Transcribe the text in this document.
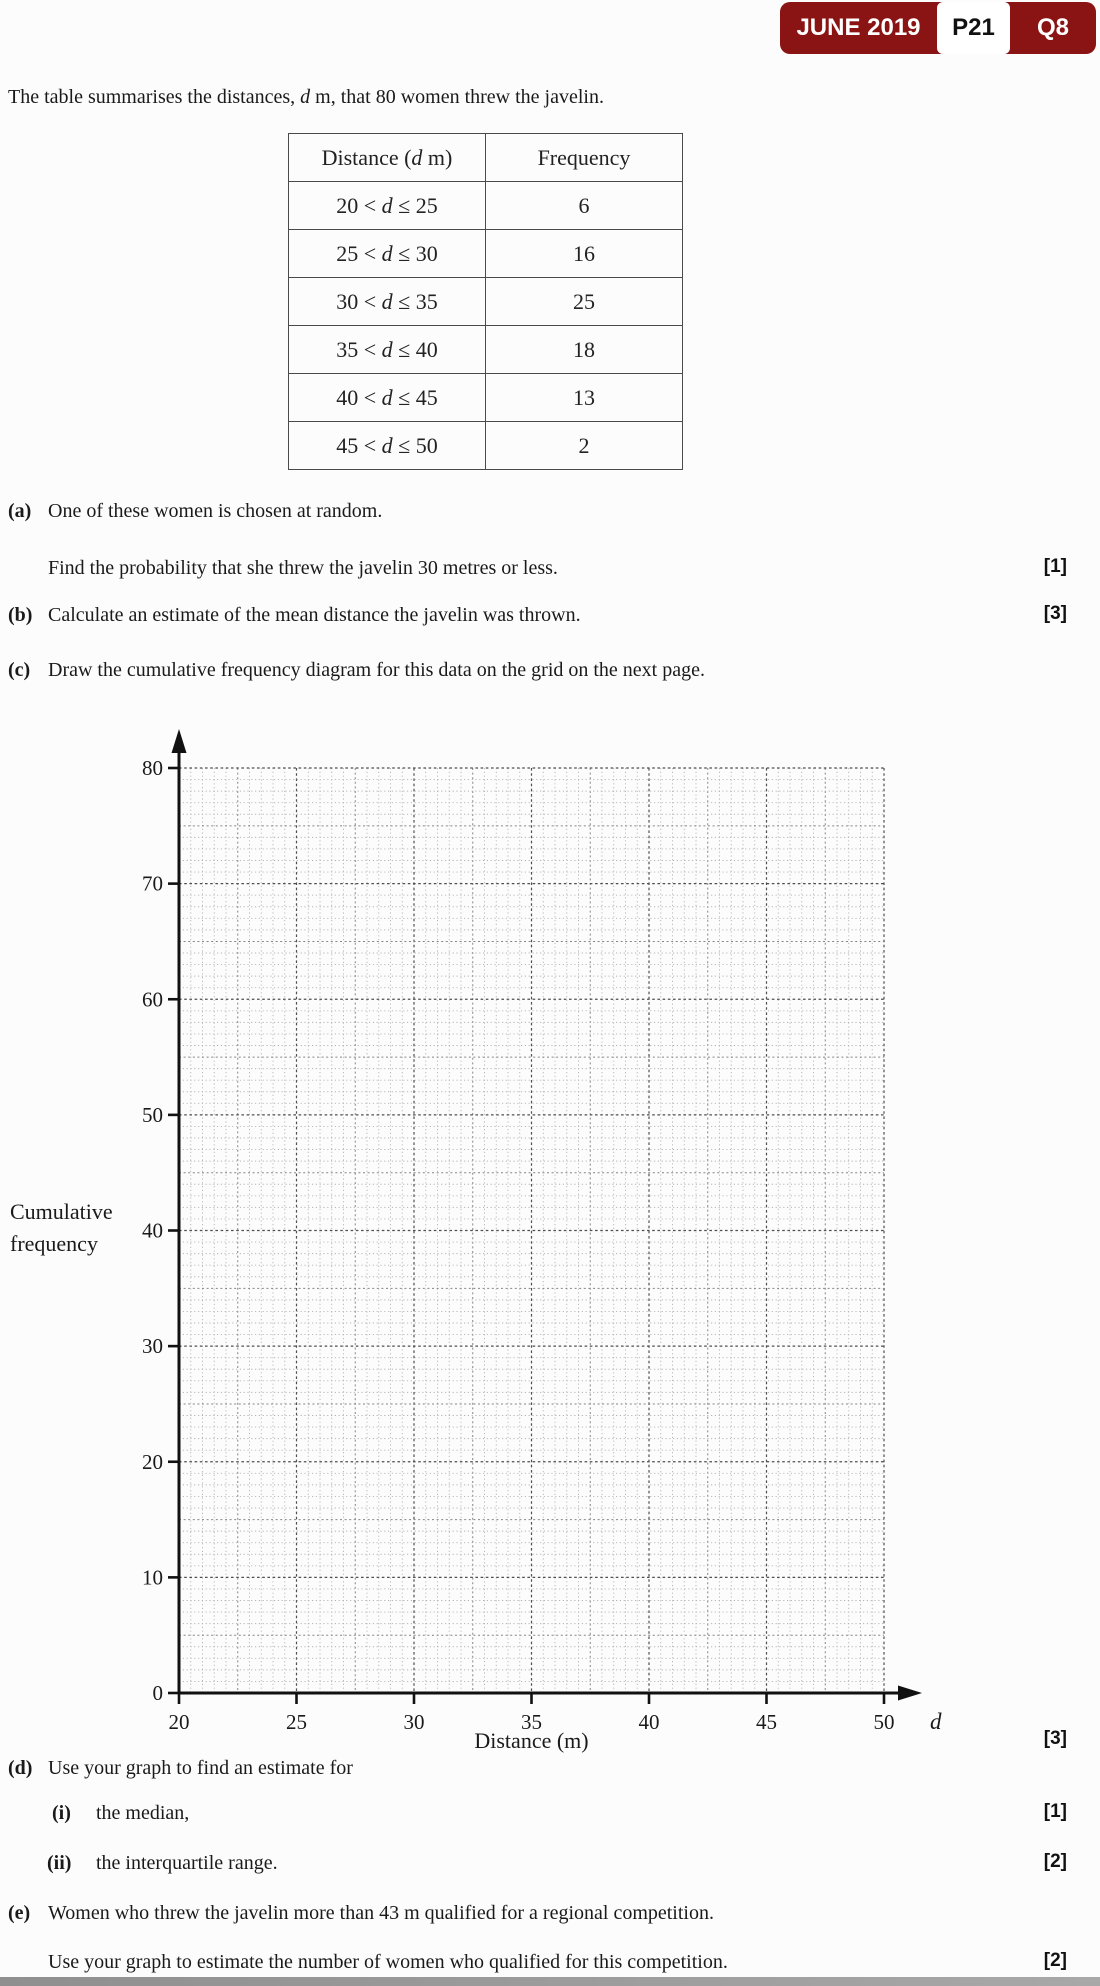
JUNE 2019	P21	Q8

The table summarises the distances, d m, that 80 women threw the javelin.

Distance (d m)	Frequency
20 < d ≤ 25	6
25 < d ≤ 30	16
30 < d ≤ 35	25
35 < d ≤ 40	18
40 < d ≤ 45	13
45 < d ≤ 50	2
(a) One of these women is chosen at random.
Find the probability that she threw the javelin 30 metres or less.	[1]
(b) Calculate an estimate of the mean distance the javelin was thrown.	[3]
(c) Draw the cumulative frequency diagram for this data on the grid on the next page.
0
10
20
30
40
50
60
70
80
20	25	30	35	40	45	50 d
Cumulative
frequency
Distance (m)	[3]
(d) Use your graph to find an estimate for
(i) the median,	[1]
(ii) the interquartile range.	[2]
(e) Women who threw the javelin more than 43 m qualified for a regional competition.
Use your graph to estimate the number of women who qualified for this competition.	[2]
